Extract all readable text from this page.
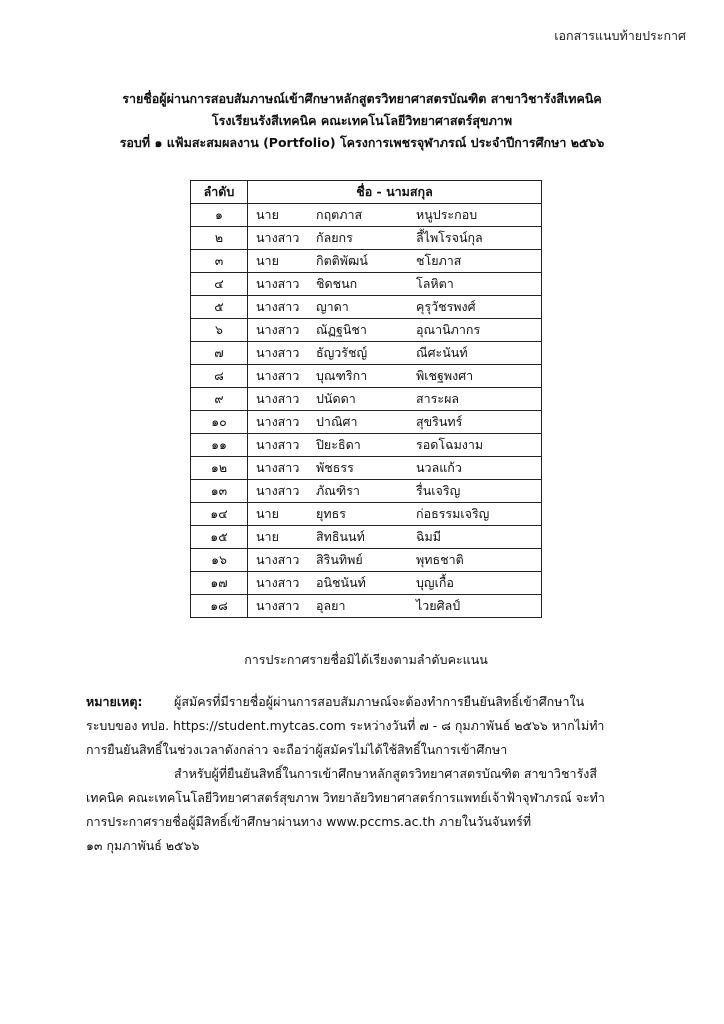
เอกสารแนบท้ายประกาศ
รายชื่อผู้ผ่านการสอบสัมภาษณ์เข้าศึกษาหลักสูตรวิทยาศาสตรบัณฑิต สาขาวิชารังสีเทคนิค
โรงเรียนรังสีเทคนิค คณะเทคโนโลยีวิทยาศาสตร์สุขภาพ
รอบที่ ๑ แฟ้มสะสมผลงาน (Portfolio) โครงการเพชรจุฬาภรณ์ ประจำปีการศึกษา ๒๕๖๖
ลำดับ	ชื่อ - นามสกุล
๑	นาย กฤตภาส หนูประกอบ

๒	นางสาว กัลยกร ลี้ไพโรจน์กุล

๓	นาย กิตติพัฒน์ ชโยภาส

๔	นางสาว ชิดชนก โลหิตา

๕	นางสาว ญาดา คุรุวัชรพงศ์

๖	นางสาว ณัฏฐนิชา อุณานิภากร

๗	นางสาว ธัญวรัชญ์ ณีศะนันท์

๘	นางสาว บุณฑริกา พิเชฐพงศา

๙	นางสาว ปนัดดา สาระผล

๑๐	นางสาว ปาณิศา สุขรินทร์

๑๑	นางสาว ปิยะธิดา รอดโฉมงาม

๑๒	นางสาว พัชธรร นวลแก้ว

๑๓	นางสาว ภัณฑิรา รื่นเจริญ

๑๔	นาย ยุทธร ก่อธรรมเจริญ

๑๕	นาย สิทธินนท์ ฉิมมี

๑๖	นางสาว สิรินทิพย์ พุทธชาติ

๑๗	นางสาว อนิชนันท์ บุญเกื้อ

๑๘	นางสาว อุลยา ไวยศิลป์
การประกาศรายชื่อมิได้เรียงตามลำดับคะแนน

หมายเหตุ:	ผู้สมัครที่มีรายชื่อผู้ผ่านการสอบสัมภาษณ์จะต้องทำการยืนยันสิทธิ์เข้าศึกษาใน

ระบบของ ทปอ. https://student.mytcas.com ระหว่างวันที่ ๗ - ๘ กุมภาพันธ์ ๒๕๖๖ หากไม่ทำ

การยืนยันสิทธิ์ในช่วงเวลาดังกล่าว จะถือว่าผู้สมัครไม่ได้ใช้สิทธิ์ในการเข้าศึกษา

สำหรับผู้ที่ยืนยันสิทธิ์ในการเข้าศึกษาหลักสูตรวิทยาศาสตรบัณฑิต สาขาวิชารังสี

เทคนิค คณะเทคโนโลยีวิทยาศาสตร์สุขภาพ วิทยาลัยวิทยาศาสตร์การแพทย์เจ้าฟ้าจุฬาภรณ์ จะทำ

การประกาศรายชื่อผู้มีสิทธิ์เข้าศึกษาผ่านทาง www.pccms.ac.th ภายในวันจันทร์ที่

๑๓ กุมภาพันธ์ ๒๕๖๖
